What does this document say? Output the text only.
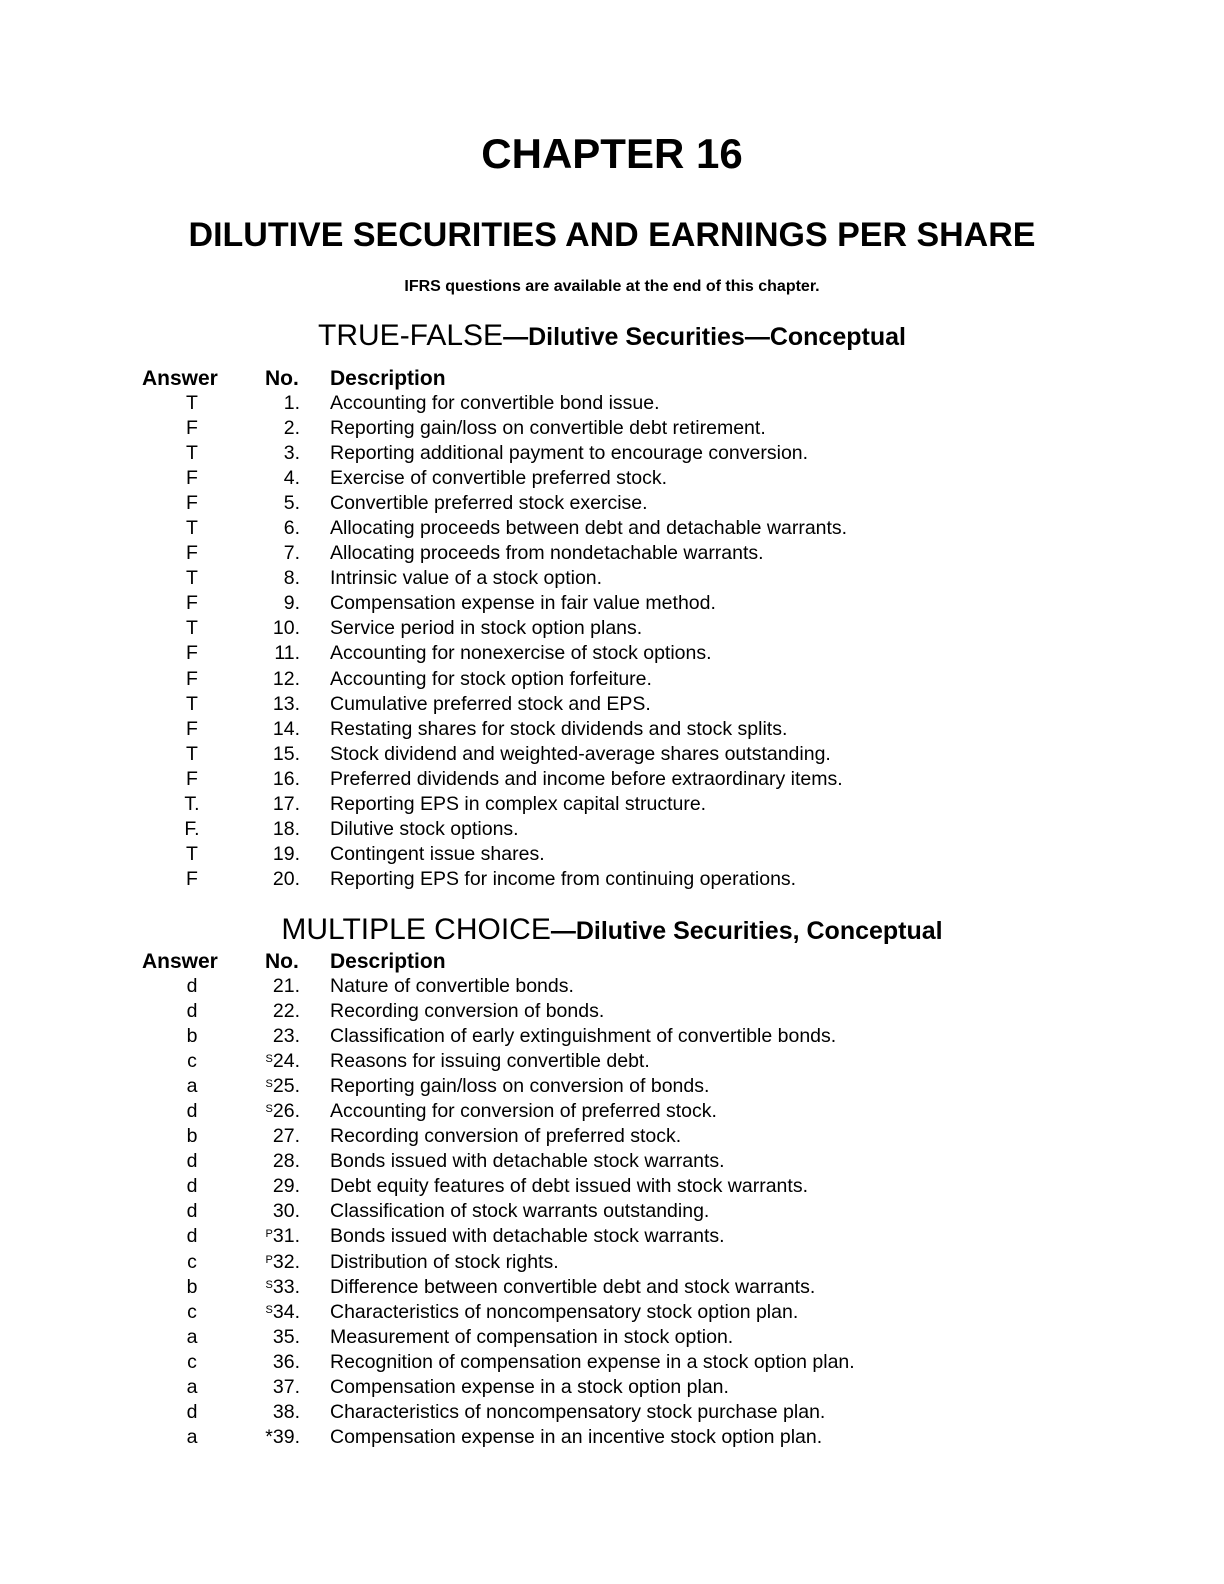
CHAPTER 16
DILUTIVE SECURITIES AND EARNINGS PER SHARE
IFRS questions are available at the end of this chapter.
TRUE-FALSE—Dilutive Securities—Conceptual
Answer No. Description
T	1. Accounting for convertible bond issue.
F	2. Reporting gain/loss on convertible debt retirement.
T	3. Reporting additional payment to encourage conversion.
F	4. Exercise of convertible preferred stock.
F	5. Convertible preferred stock exercise.
T	6. Allocating proceeds between debt and detachable warrants.
F	7. Allocating proceeds from nondetachable warrants.
T	8. Intrinsic value of a stock option.
F	9. Compensation expense in fair value method.
T	10. Service period in stock option plans.
F	11. Accounting for nonexercise of stock options.
F	12. Accounting for stock option forfeiture.
T	13. Cumulative preferred stock and EPS.
F	14. Restating shares for stock dividends and stock splits.
T	15. Stock dividend and weighted-average shares outstanding.
F	16. Preferred dividends and income before extraordinary items.
T.	17. Reporting EPS in complex capital structure.
F.	18. Dilutive stock options.
T	19. Contingent issue shares.
F	20. Reporting EPS for income from continuing operations.
MULTIPLE CHOICE—Dilutive Securities, Conceptual
Answer No. Description
d	21. Nature of convertible bonds.
d	22. Recording conversion of bonds.
b	23. Classification of early extinguishment of convertible bonds.
c	$^S$24. Reasons for issuing convertible debt.
a	$^S$25. Reporting gain/loss on conversion of bonds.
d	$^S$26. Accounting for conversion of preferred stock.
b	27. Recording conversion of preferred stock.
d	28. Bonds issued with detachable stock warrants.
d	29. Debt equity features of debt issued with stock warrants.
d	30. Classification of stock warrants outstanding.
d	$^P$31. Bonds issued with detachable stock warrants.
c	$^P$32. Distribution of stock rights.
b	$^S$33. Difference between convertible debt and stock warrants.
c	$^S$34. Characteristics of noncompensatory stock option plan.
a	35. Measurement of compensation in stock option.
c	36. Recognition of compensation expense in a stock option plan.
a	37. Compensation expense in a stock option plan.
d	38. Characteristics of noncompensatory stock purchase plan.
a	*39. Compensation expense in an incentive stock option plan.
